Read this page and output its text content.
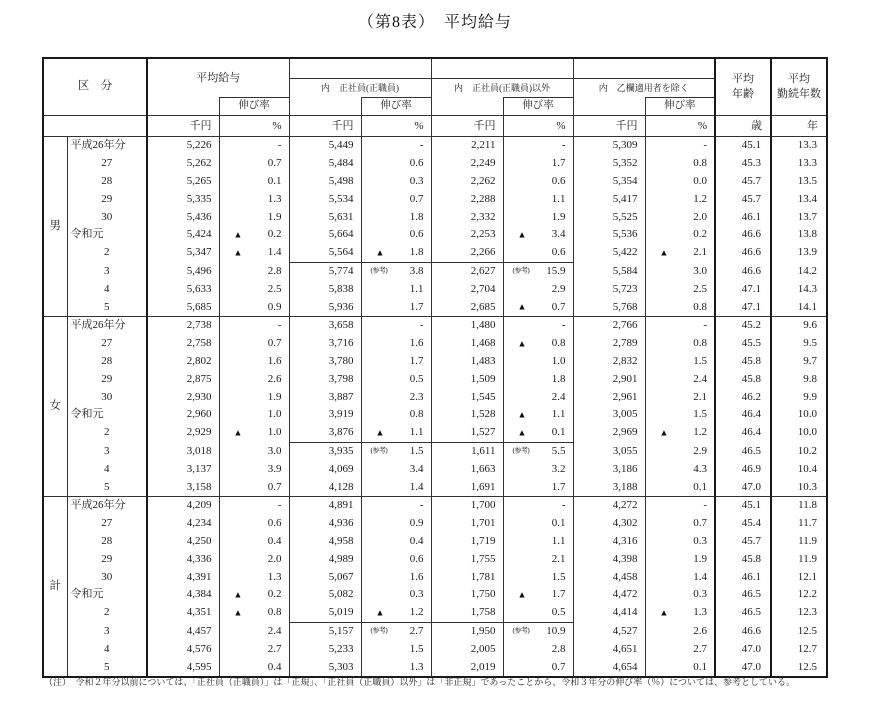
（第8表）　平均給与
区　分	平均給与				平均
年齢

平均
勤続年数

				内　正社員(正職員)		内　正社員(正職員)以外		内　乙欄適用者を除く			
			伸び率		伸び率		伸び率		伸び率		
		千円	%	千円	%	千円	%	千円	%	歳	年
男	平成26年分	5,226	-	5,449	-	2,211	-	5,309	-	45.1	13.3
	27	5,262	0.7	5,484	0.6	2,249	1.7	5,352	0.8	45.3	13.3
	28	5,265	0.1	5,498	0.3	2,262	0.6	5,354	0.0	45.7	13.5
	29	5,335	1.3	5,534	0.7	2,288	1.1	5,417	1.2	45.7	13.4
	30	5,436	1.9	5,631	1.8	2,332	1.9	5,525	2.0	46.1	13.7
	令和元	5,424	▲ 0.2	5,664	0.6	2,253	▲ 3.4	5,536	0.2	46.6	13.8
	2	5,347	▲ 1.4	5,564	▲ 1.8	2,266	0.6	5,422	▲ 2.1	46.6	13.9
	3	5,496	2.8	5,774	(参考) 3.8	2,627	(参考) 15.9	5,584	3.0	46.6	14.2
	4	5,633	2.5	5,838	1.1	2,704	2.9	5,723	2.5	47.1	14.3
	5	5,685	0.9	5,936	1.7	2,685	▲ 0.7	5,768	0.8	47.1	14.1
女	平成26年分	2,738	-	3,658	-	1,480	-	2,766	-	45.2	9.6
	27	2,758	0.7	3,716	1.6	1,468	▲ 0.8	2,789	0.8	45.5	9.5
	28	2,802	1.6	3,780	1.7	1,483	1.0	2,832	1.5	45.8	9.7
	29	2,875	2.6	3,798	0.5	1,509	1.8	2,901	2.4	45.8	9.8
	30	2,930	1.9	3,887	2.3	1,545	2.4	2,961	2.1	46.2	9.9
	令和元	2,960	1.0	3,919	0.8	1,528	▲ 1.1	3,005	1.5	46.4	10.0
	2	2,929	▲ 1.0	3,876	▲ 1.1	1,527	▲ 0.1	2,969	▲ 1.2	46.4	10.0
	3	3,018	3.0	3,935	(参考) 1.5	1,611	(参考) 5.5	3,055	2.9	46.5	10.2
	4	3,137	3.9	4,069	3.4	1,663	3.2	3,186	4.3	46.9	10.4
	5	3,158	0.7	4,128	1.4	1,691	1.7	3,188	0.1	47.0	10.3
計	平成26年分	4,209	-	4,891	-	1,700	-	4,272	-	45.1	11.8
	27	4,234	0.6	4,936	0.9	1,701	0.1	4,302	0.7	45.4	11.7
	28	4,250	0.4	4,958	0.4	1,719	1.1	4,316	0.3	45.7	11.9
	29	4,336	2.0	4,989	0.6	1,755	2.1	4,398	1.9	45.8	11.9
	30	4,391	1.3	5,067	1.6	1,781	1.5	4,458	1.4	46.1	12.1
	令和元	4,384	▲ 0.2	5,082	0.3	1,750	▲ 1.7	4,472	0.3	46.5	12.2
	2	4,351	▲ 0.8	5,019	▲ 1.2	1,758	0.5	4,414	▲ 1.3	46.5	12.3
	3	4,457	2.4	5,157	(参考) 2.7	1,950	(参考) 10.9	4,527	2.6	46.6	12.5
	4	4,576	2.7	5,233	1.5	2,005	2.8	4,651	2.7	47.0	12.7
	5	4,595	0.4	5,303	1.3	2,019	0.7	4,654	0.1	47.0	12.5
（注）　令和２年分以前については、「正社員（正職員）」は「正規」、「正社員（正職員）以外」は「非正規」であったことから、令和３年分の伸び率（％）については、参考としている。
